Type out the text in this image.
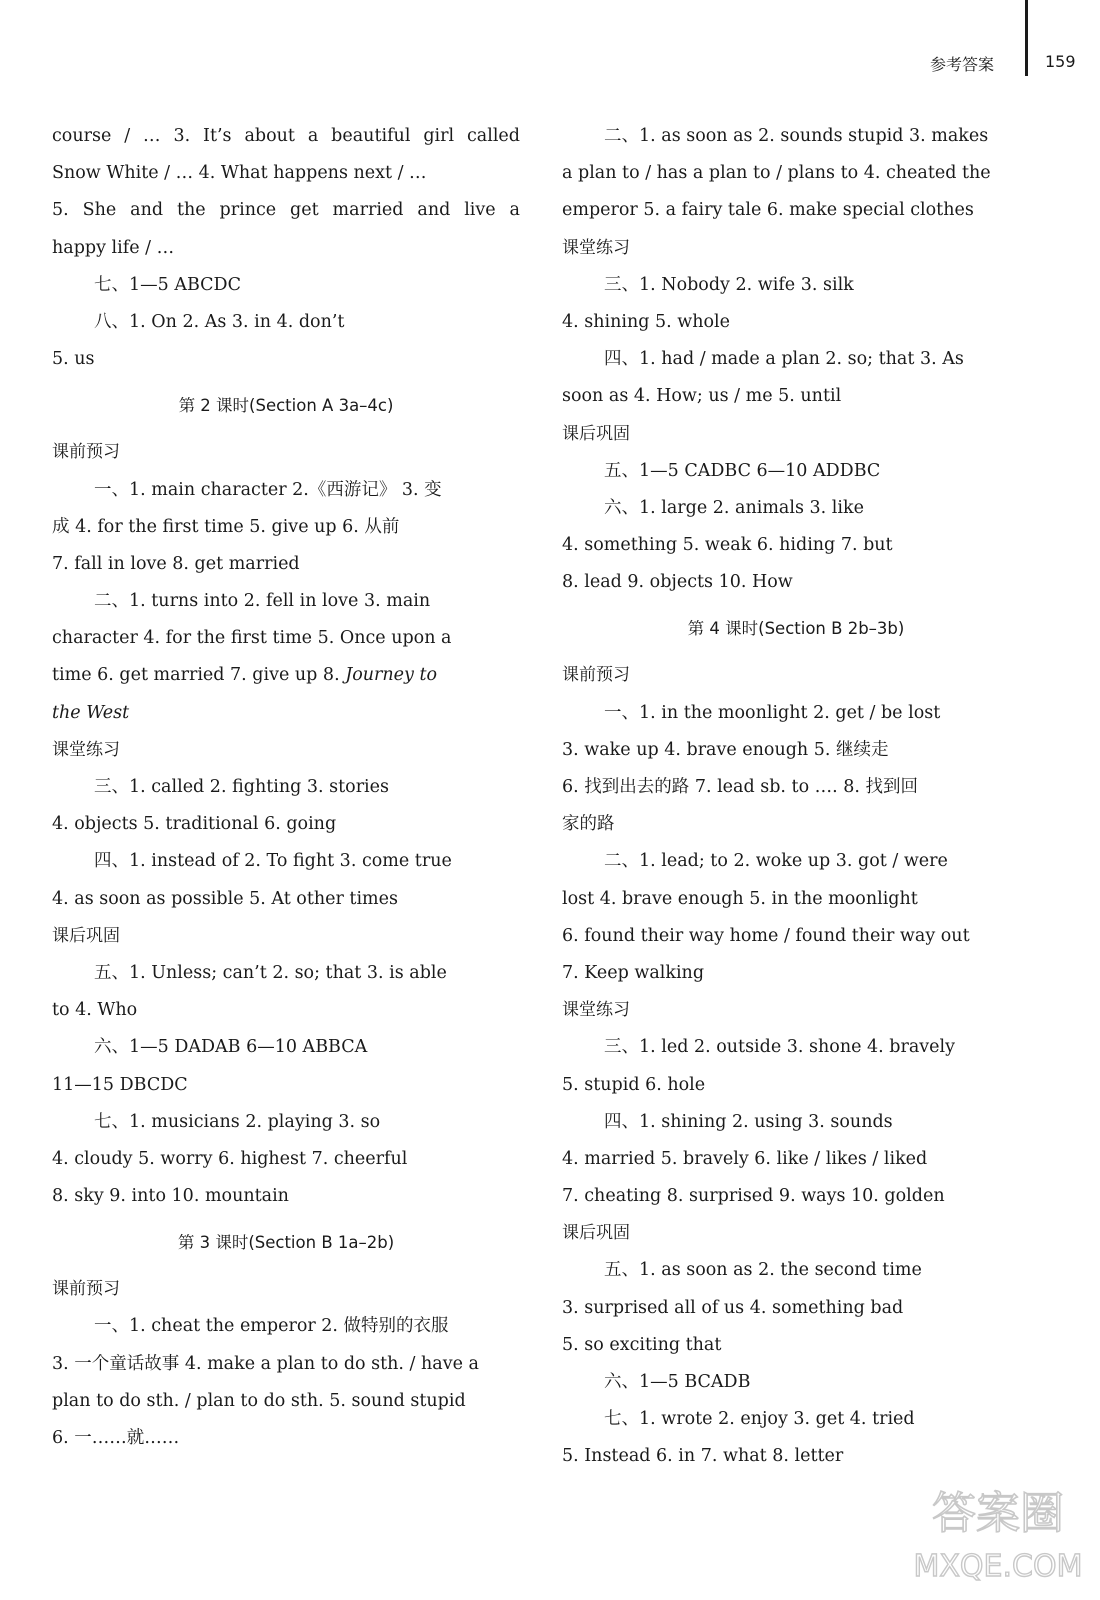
参考答案	159
course / … 3. It’s about a beautiful girl called
Snow White / … 4. What happens next / …
5. She and the prince get married and live a
happy life / …
七、1—5 ABCDC
八、1. On 2. As 3. in 4. don’t
5. us
第 2 课时(Section A 3a–4c)
课前预习
一、1. main character 2.《西游记》 3. 变
成 4. for the first time 5. give up 6. 从前
7. fall in love 8. get married
二、1. turns into 2. fell in love 3. main
character 4. for the first time 5. Once upon a
time 6. get married 7. give up 8. Journey to
the West
课堂练习
三、1. called 2. fighting 3. stories
4. objects 5. traditional 6. going
四、1. instead of 2. To fight 3. come true
4. as soon as possible 5. At other times
课后巩固
五、1. Unless; can’t 2. so; that 3. is able
to 4. Who
六、1—5 DADAB 6—10 ABBCA
11—15 DBCDC
七、1. musicians 2. playing 3. so
4. cloudy 5. worry 6. highest 7. cheerful
8. sky 9. into 10. mountain
第 3 课时(Section B 1a–2b)
课前预习
一、1. cheat the emperor 2. 做特别的衣服
3. 一个童话故事 4. make a plan to do sth. / have a
plan to do sth. / plan to do sth. 5. sound stupid
6. 一……就……
二、1. as soon as 2. sounds stupid 3. makes
a plan to / has a plan to / plans to 4. cheated the
emperor 5. a fairy tale 6. make special clothes
课堂练习
三、1. Nobody 2. wife 3. silk
4. shining 5. whole
四、1. had / made a plan 2. so; that 3. As
soon as 4. How; us / me 5. until
课后巩固
五、1—5 CADBC 6—10 ADDBC
六、1. large 2. animals 3. like
4. something 5. weak 6. hiding 7. but
8. lead 9. objects 10. How
第 4 课时(Section B 2b–3b)
课前预习
一、1. in the moonlight 2. get / be lost
3. wake up 4. brave enough 5. 继续走
6. 找到出去的路 7. lead sb. to …. 8. 找到回
家的路
二、1. lead; to 2. woke up 3. got / were
lost 4. brave enough 5. in the moonlight
6. found their way home / found their way out
7. Keep walking
课堂练习
三、1. led 2. outside 3. shone 4. bravely
5. stupid 6. hole
四、1. shining 2. using 3. sounds
4. married 5. bravely 6. like / likes / liked
7. cheating 8. surprised 9. ways 10. golden
课后巩固
五、1. as soon as 2. the second time
3. surprised all of us 4. something bad
5. so exciting that
六、1—5 BCADB
七、1. wrote 2. enjoy 3. get 4. tried
5. Instead 6. in 7. what 8. letter
答案圈
MXQE.COM
